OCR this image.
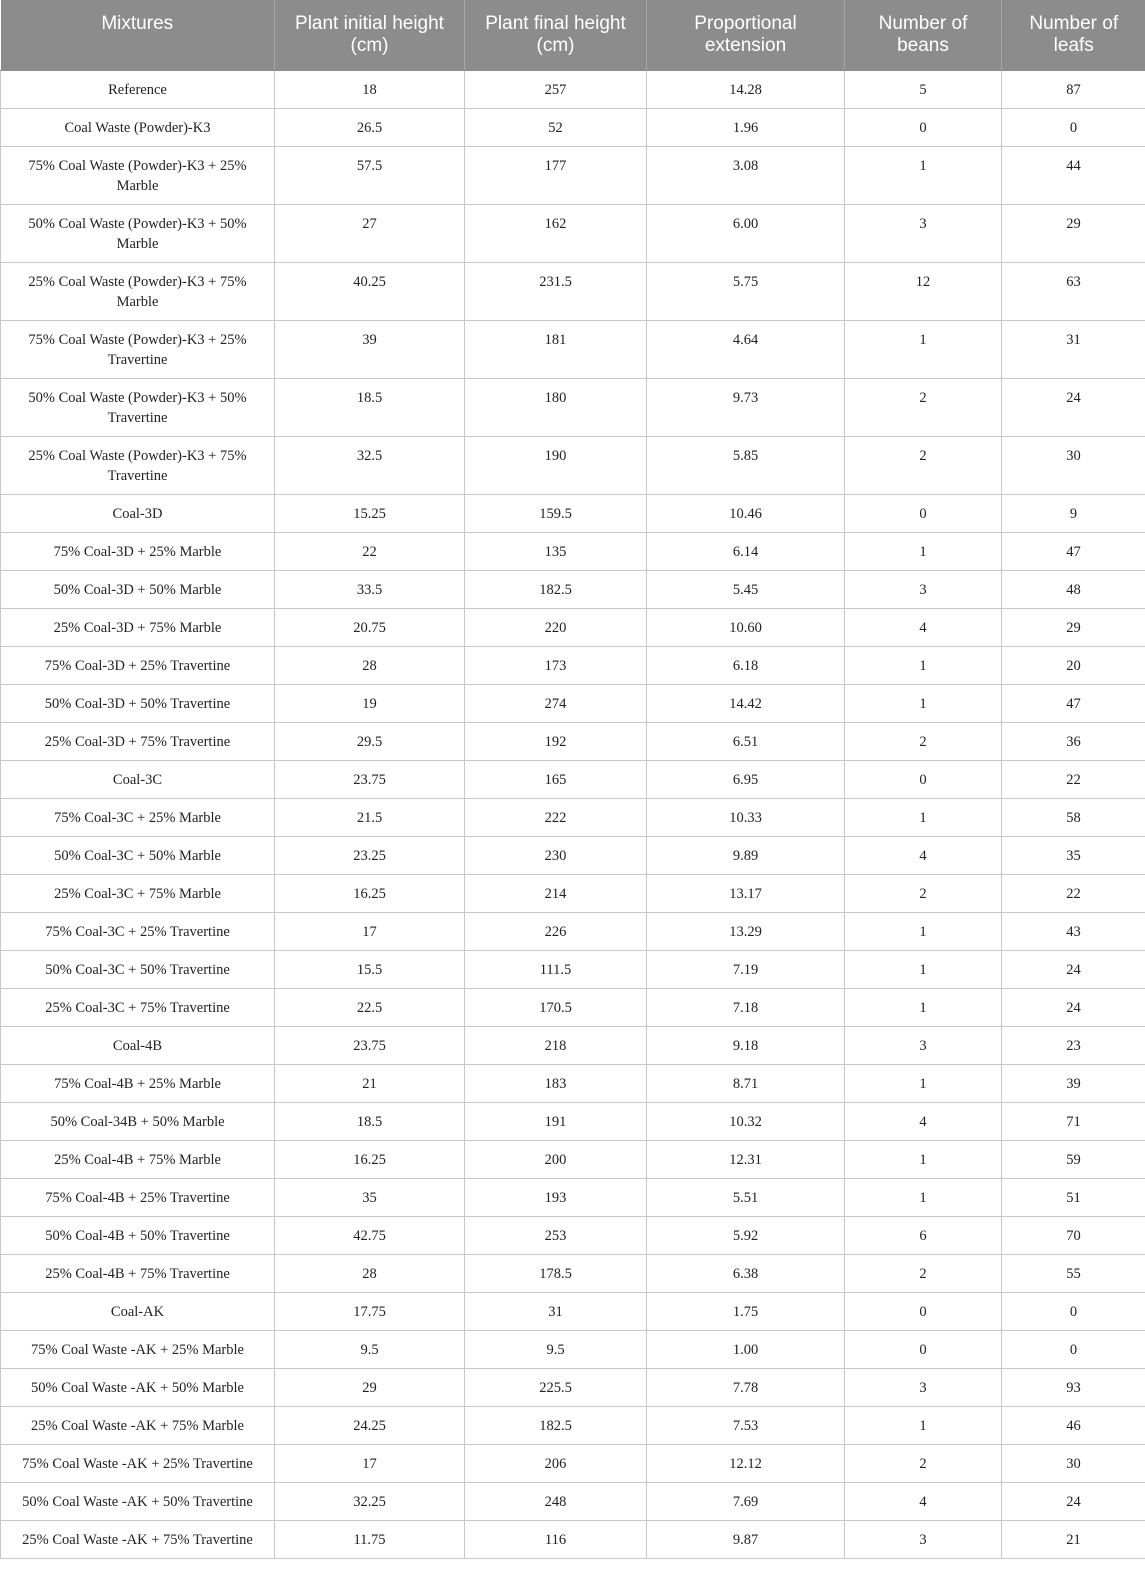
Mixtures	Plant initial height (cm)	Plant final height (cm)	Proportional extension	Number of beans	Number of leafs
Reference	18	257	14.28	5	87
Coal Waste (Powder)-K3	26.5	52	1.96	0	0
75% Coal Waste (Powder)-K3 + 25% Marble	57.5	177	3.08	1	44
50% Coal Waste (Powder)-K3 + 50% Marble	27	162	6.00	3	29
25% Coal Waste (Powder)-K3 + 75% Marble	40.25	231.5	5.75	12	63
75% Coal Waste (Powder)-K3 + 25% Travertine	39	181	4.64	1	31
50% Coal Waste (Powder)-K3 + 50% Travertine	18.5	180	9.73	2	24
25% Coal Waste (Powder)-K3 + 75% Travertine	32.5	190	5.85	2	30
Coal-3D	15.25	159.5	10.46	0	9
75% Coal-3D + 25% Marble	22	135	6.14	1	47
50% Coal-3D + 50% Marble	33.5	182.5	5.45	3	48
25% Coal-3D + 75% Marble	20.75	220	10.60	4	29
75% Coal-3D + 25% Travertine	28	173	6.18	1	20
50% Coal-3D + 50% Travertine	19	274	14.42	1	47
25% Coal-3D + 75% Travertine	29.5	192	6.51	2	36
Coal-3C	23.75	165	6.95	0	22
75% Coal-3C + 25% Marble	21.5	222	10.33	1	58
50% Coal-3C + 50% Marble	23.25	230	9.89	4	35
25% Coal-3C + 75% Marble	16.25	214	13.17	2	22
75% Coal-3C + 25% Travertine	17	226	13.29	1	43
50% Coal-3C + 50% Travertine	15.5	111.5	7.19	1	24
25% Coal-3C + 75% Travertine	22.5	170.5	7.18	1	24
Coal-4B	23.75	218	9.18	3	23
75% Coal-4B + 25% Marble	21	183	8.71	1	39
50% Coal-34B + 50% Marble	18.5	191	10.32	4	71
25% Coal-4B + 75% Marble	16.25	200	12.31	1	59
75% Coal-4B + 25% Travertine	35	193	5.51	1	51
50% Coal-4B + 50% Travertine	42.75	253	5.92	6	70
25% Coal-4B + 75% Travertine	28	178.5	6.38	2	55
Coal-AK	17.75	31	1.75	0	0
75% Coal Waste -AK + 25% Marble	9.5	9.5	1.00	0	0
50% Coal Waste -AK + 50% Marble	29	225.5	7.78	3	93
25% Coal Waste -AK + 75% Marble	24.25	182.5	7.53	1	46
75% Coal Waste -AK + 25% Travertine	17	206	12.12	2	30
50% Coal Waste -AK + 50% Travertine	32.25	248	7.69	4	24
25% Coal Waste -AK + 75% Travertine	11.75	116	9.87	3	21
